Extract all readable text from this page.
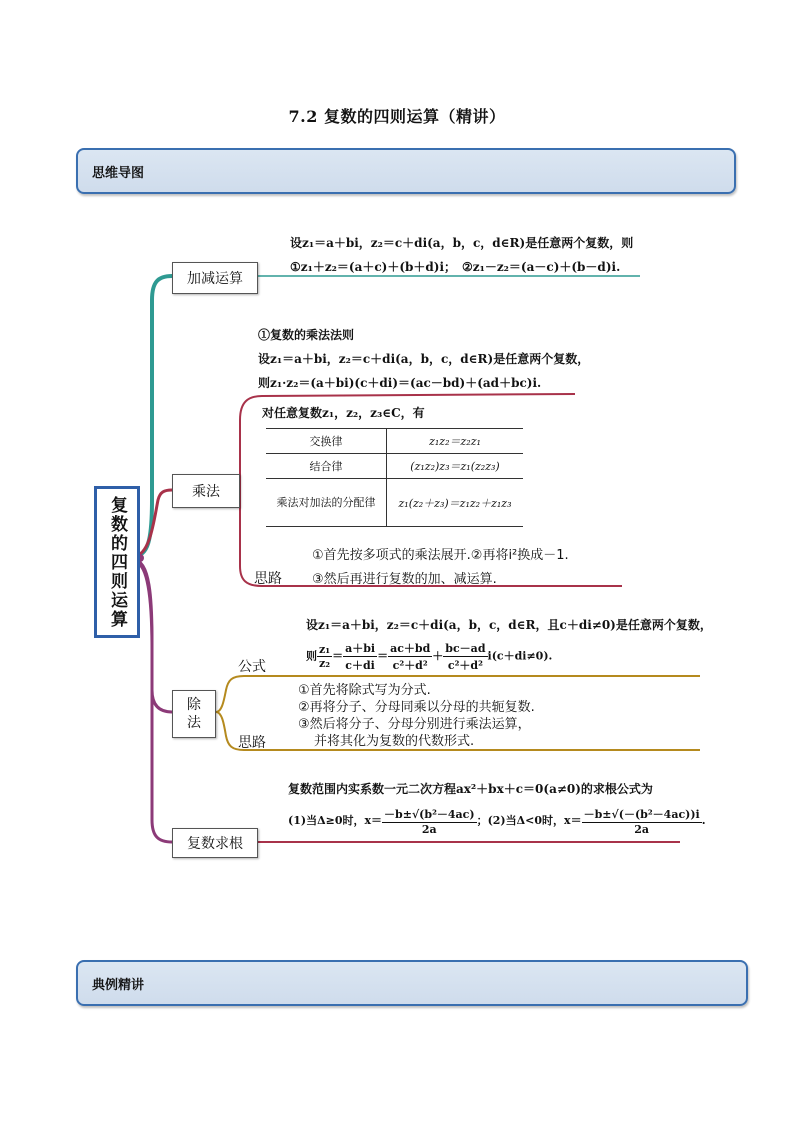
7.2 复数的四则运算（精讲）
思维导图
典例精讲
复数的四则运算
加减运算
设z₁＝a＋bi，z₂＝c＋di(a，b，c，d∈R)是任意两个复数，则
①z₁＋z₂＝(a＋c)＋(b＋d)i；　②z₁－z₂＝(a－c)＋(b－d)i.
乘法
①复数的乘法法则
设z₁＝a＋bi，z₂＝c＋di(a，b，c，d∈R)是任意两个复数，
则z₁·z₂＝(a＋bi)(c＋di)＝(ac－bd)＋(ad＋bc)i.
对任意复数z₁，z₂，z₃∈C，有
交换律	z₁z₂＝z₂z₁
结合律	(z₁z₂)z₃＝z₁(z₂z₃)
乘法对加法的分配律	z₁(z₂＋z₃)＝z₁z₂＋z₁z₃
思路
①首先按多项式的乘法展开.②再将i²换成－1.
③然后再进行复数的加、减运算.
除法
设z₁＝a＋bi，z₂＝c＋di(a，b，c，d∈R，且c＋di≠0)是任意两个复数，
公式
则 $\frac{\text{z₁}}{\text{z₂}} = \frac{a+bi}{c+di} = \frac{ac+bd}{\text{c²＋d²}} + \frac{bc-ad}{\text{c²＋d²}} i(c+di\ne 0)$.
思路
①首先将除式写为分式.
②再将分子、分母同乘以分母的共轭复数.
③然后将分子、分母分别进行乘法运算，
并将其化为复数的代数形式.
复数求根
复数范围内实系数一元二次方程ax²＋bx＋c＝0(a≠0)的求根公式为
(1)当Δ≥0时，$x= \frac{\text{－b±√(b²－4ac)}}{2a}$ ；(2)当Δ<0时，$x= \frac{\text{－b±√(－(b²－4ac))i}}{2a}$ .
